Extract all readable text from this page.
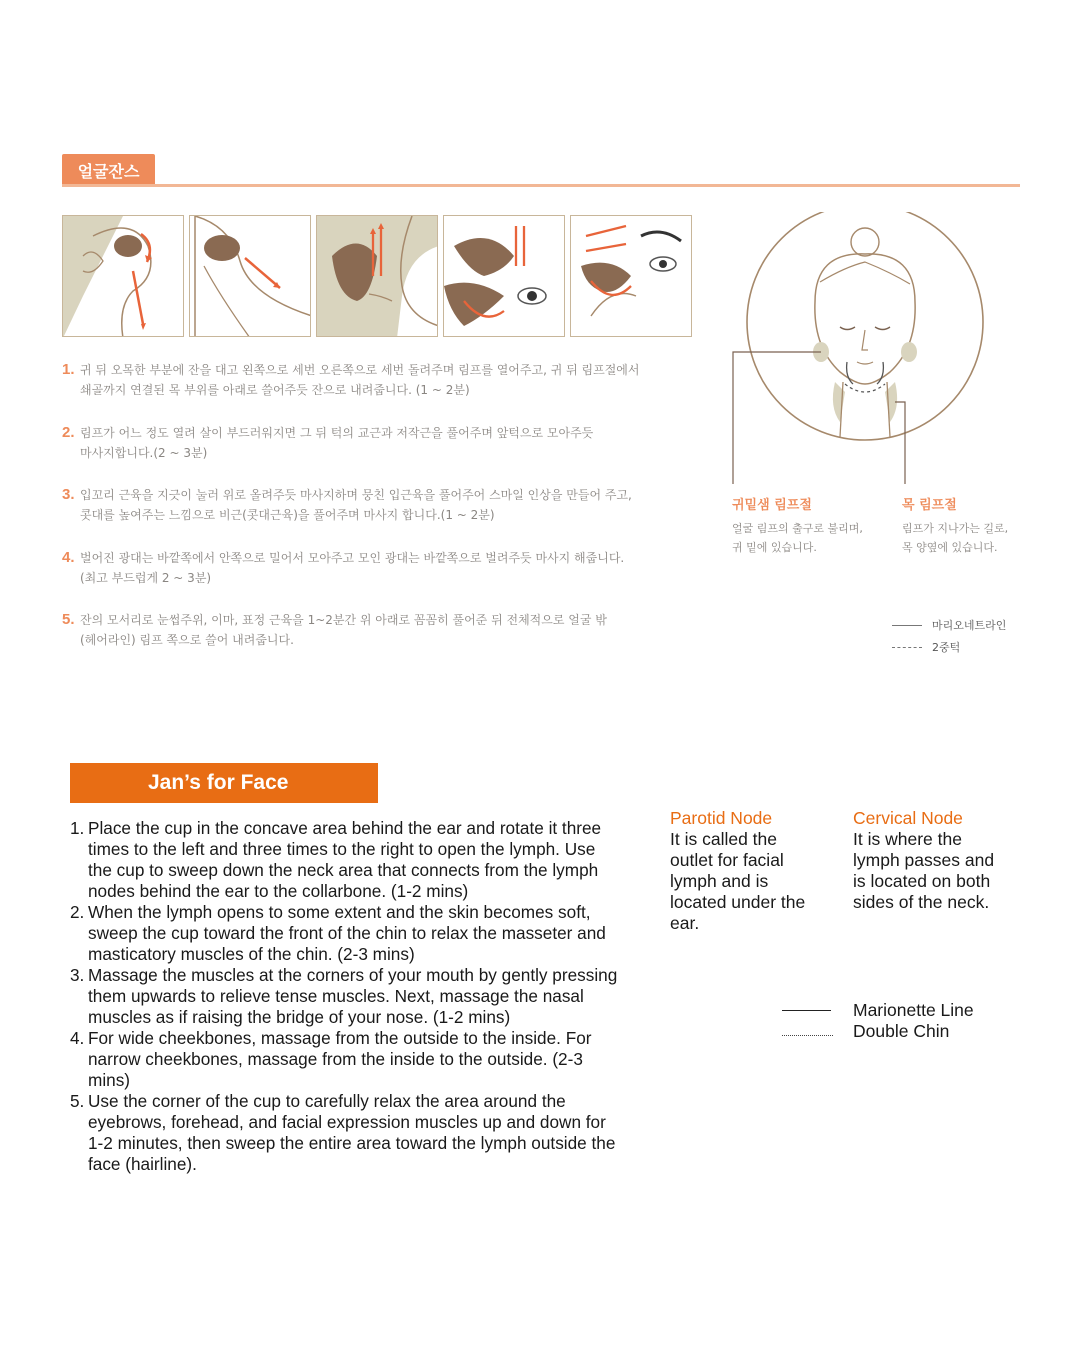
얼굴잔스
1. 귀 뒤 오목한 부분에 잔을 대고 왼쪽으로 세번 오른쪽으로 세번 돌려주며 림프를 열어주고, 귀 뒤 림프절에서
쇄골까지 연결된 목 부위를 아래로 쓸어주듯 잔으로 내려줍니다. (1 ~ 2분)
2. 림프가 어느 정도 열려 살이 부드러워지면 그 뒤 턱의 교근과 저작근을 풀어주며 앞턱으로 모아주듯
마사지합니다.(2 ~ 3분)
3. 입꼬리 근육을 지긋이 눌러 위로 올려주듯 마사지하며 뭉친 입근육을 풀어주어 스마일 인상을 만들어 주고,
콧대를 높여주는 느낌으로 비근(콧대근육)을 풀어주며 마사지 합니다.(1 ~ 2분)
4. 벌어진 광대는 바깥쪽에서 안쪽으로 밀어서 모아주고 모인 광대는 바깥쪽으로 벌려주듯 마사지 해줍니다.
(최고 부드럽게 2 ~ 3분)
5. 잔의 모서리로 눈썹주위, 이마, 표정 근육을 1~2분간 위 아래로 꼼꼼히 풀어준 뒤 전체적으로 얼굴 밖
(헤어라인) 림프 쪽으로 쓸어 내려줍니다.
귀밑샘 림프절
얼굴 림프의 출구로 불리며,
귀 밑에 있습니다.
목 림프절
림프가 지나가는 길로,
목 양옆에 있습니다.
마리오네트라인
2중턱
Jan’s for Face
1. Place the cup in the concave area behind the ear and rotate it three times to the left and three times to the right to open the lymph. Use the cup to sweep down the neck area that connects from the lymph nodes behind the ear to the collarbone. (1-2 mins)
2. When the lymph opens to some extent and the skin becomes soft, sweep the cup toward the front of the chin to relax the masseter and masticatory muscles of the chin. (2-3 mins)
3. Massage the muscles at the corners of your mouth by gently pressing them upwards to relieve tense muscles. Next, massage the nasal muscles as if raising the bridge of your nose. (1-2 mins)
4. For wide cheekbones, massage from the outside to the inside. For narrow cheekbones, massage from the inside to the outside. (2-3 mins)
5. Use the corner of the cup to carefully relax the area around the eyebrows, forehead, and facial expression muscles up and down for 1-2 minutes, then sweep the entire area toward the lymph outside the face (hairline).
Parotid Node
It is called the
outlet for facial
lymph and is
located under the
ear.
Cervical Node
It is where the
lymph passes and
is located on both
sides of the neck.
Marionette Line
Double Chin
